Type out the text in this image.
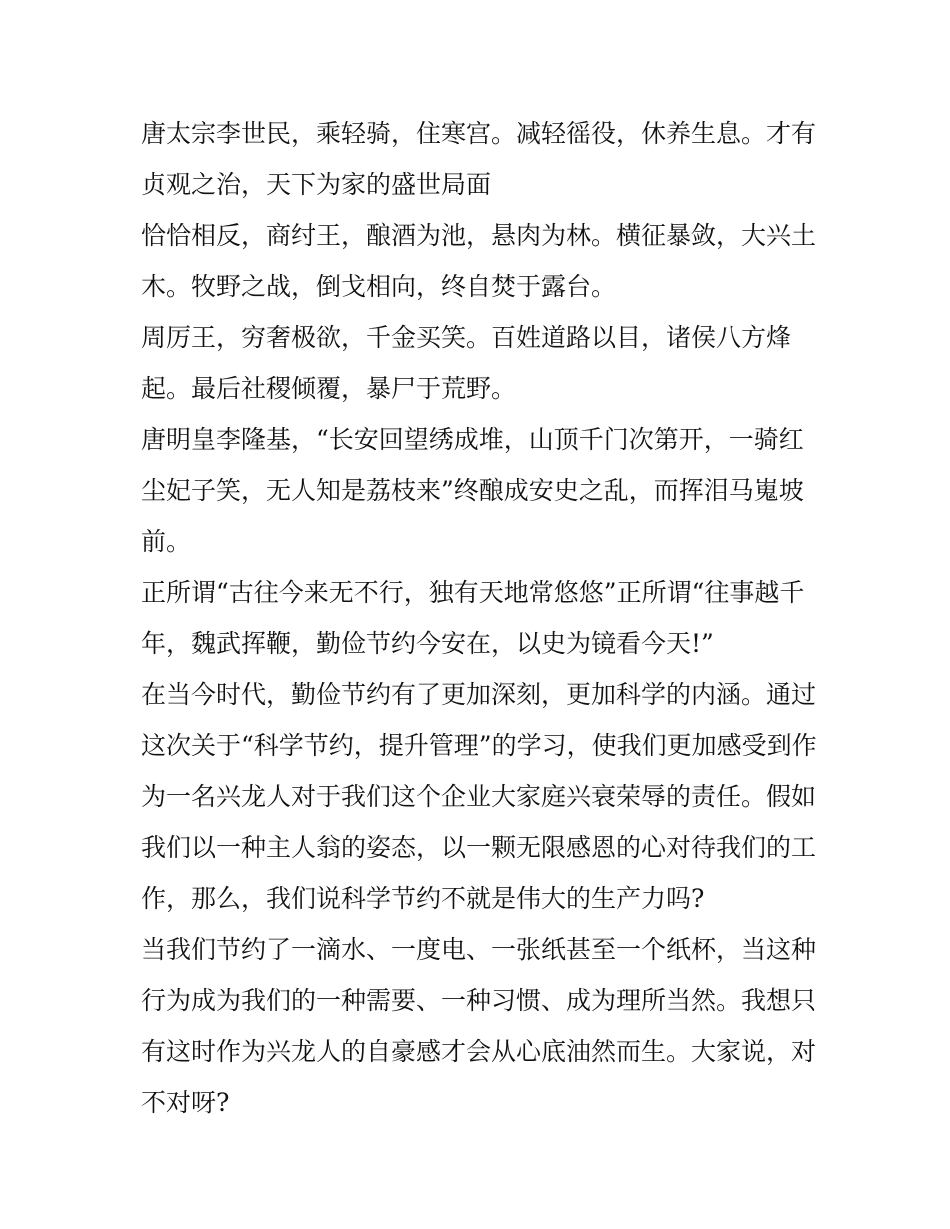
唐太宗李世民，乘轻骑，住寒宫。减轻徭役，休养生息。才有贞观之治，天下为家的盛世局面

恰恰相反，商纣王，酿酒为池，悬肉为林。横征暴敛，大兴土木。牧野之战，倒戈相向，终自焚于露台。

周厉王，穷奢极欲，千金买笑。百姓道路以目，诸侯八方烽起。最后社稷倾覆，暴尸于荒野。

唐明皇李隆基，“长安回望绣成堆，山顶千门次第开，一骑红尘妃子笑，无人知是荔枝来”终酿成安史之乱，而挥泪马嵬坡前。

正所谓“古往今来无不行，独有天地常悠悠”正所谓“往事越千年，魏武挥鞭，勤俭节约今安在，以史为镜看今天!”

在当今时代，勤俭节约有了更加深刻，更加科学的内涵。通过这次关于“科学节约，提升管理”的学习，使我们更加感受到作为一名兴龙人对于我们这个企业大家庭兴衰荣辱的责任。假如我们以一种主人翁的姿态，以一颗无限感恩的心对待我们的工作，那么，我们说科学节约不就是伟大的生产力吗?

当我们节约了一滴水、一度电、一张纸甚至一个纸杯，当这种行为成为我们的一种需要、一种习惯、成为理所当然。我想只有这时作为兴龙人的自豪感才会从心底油然而生。大家说，对不对呀?
